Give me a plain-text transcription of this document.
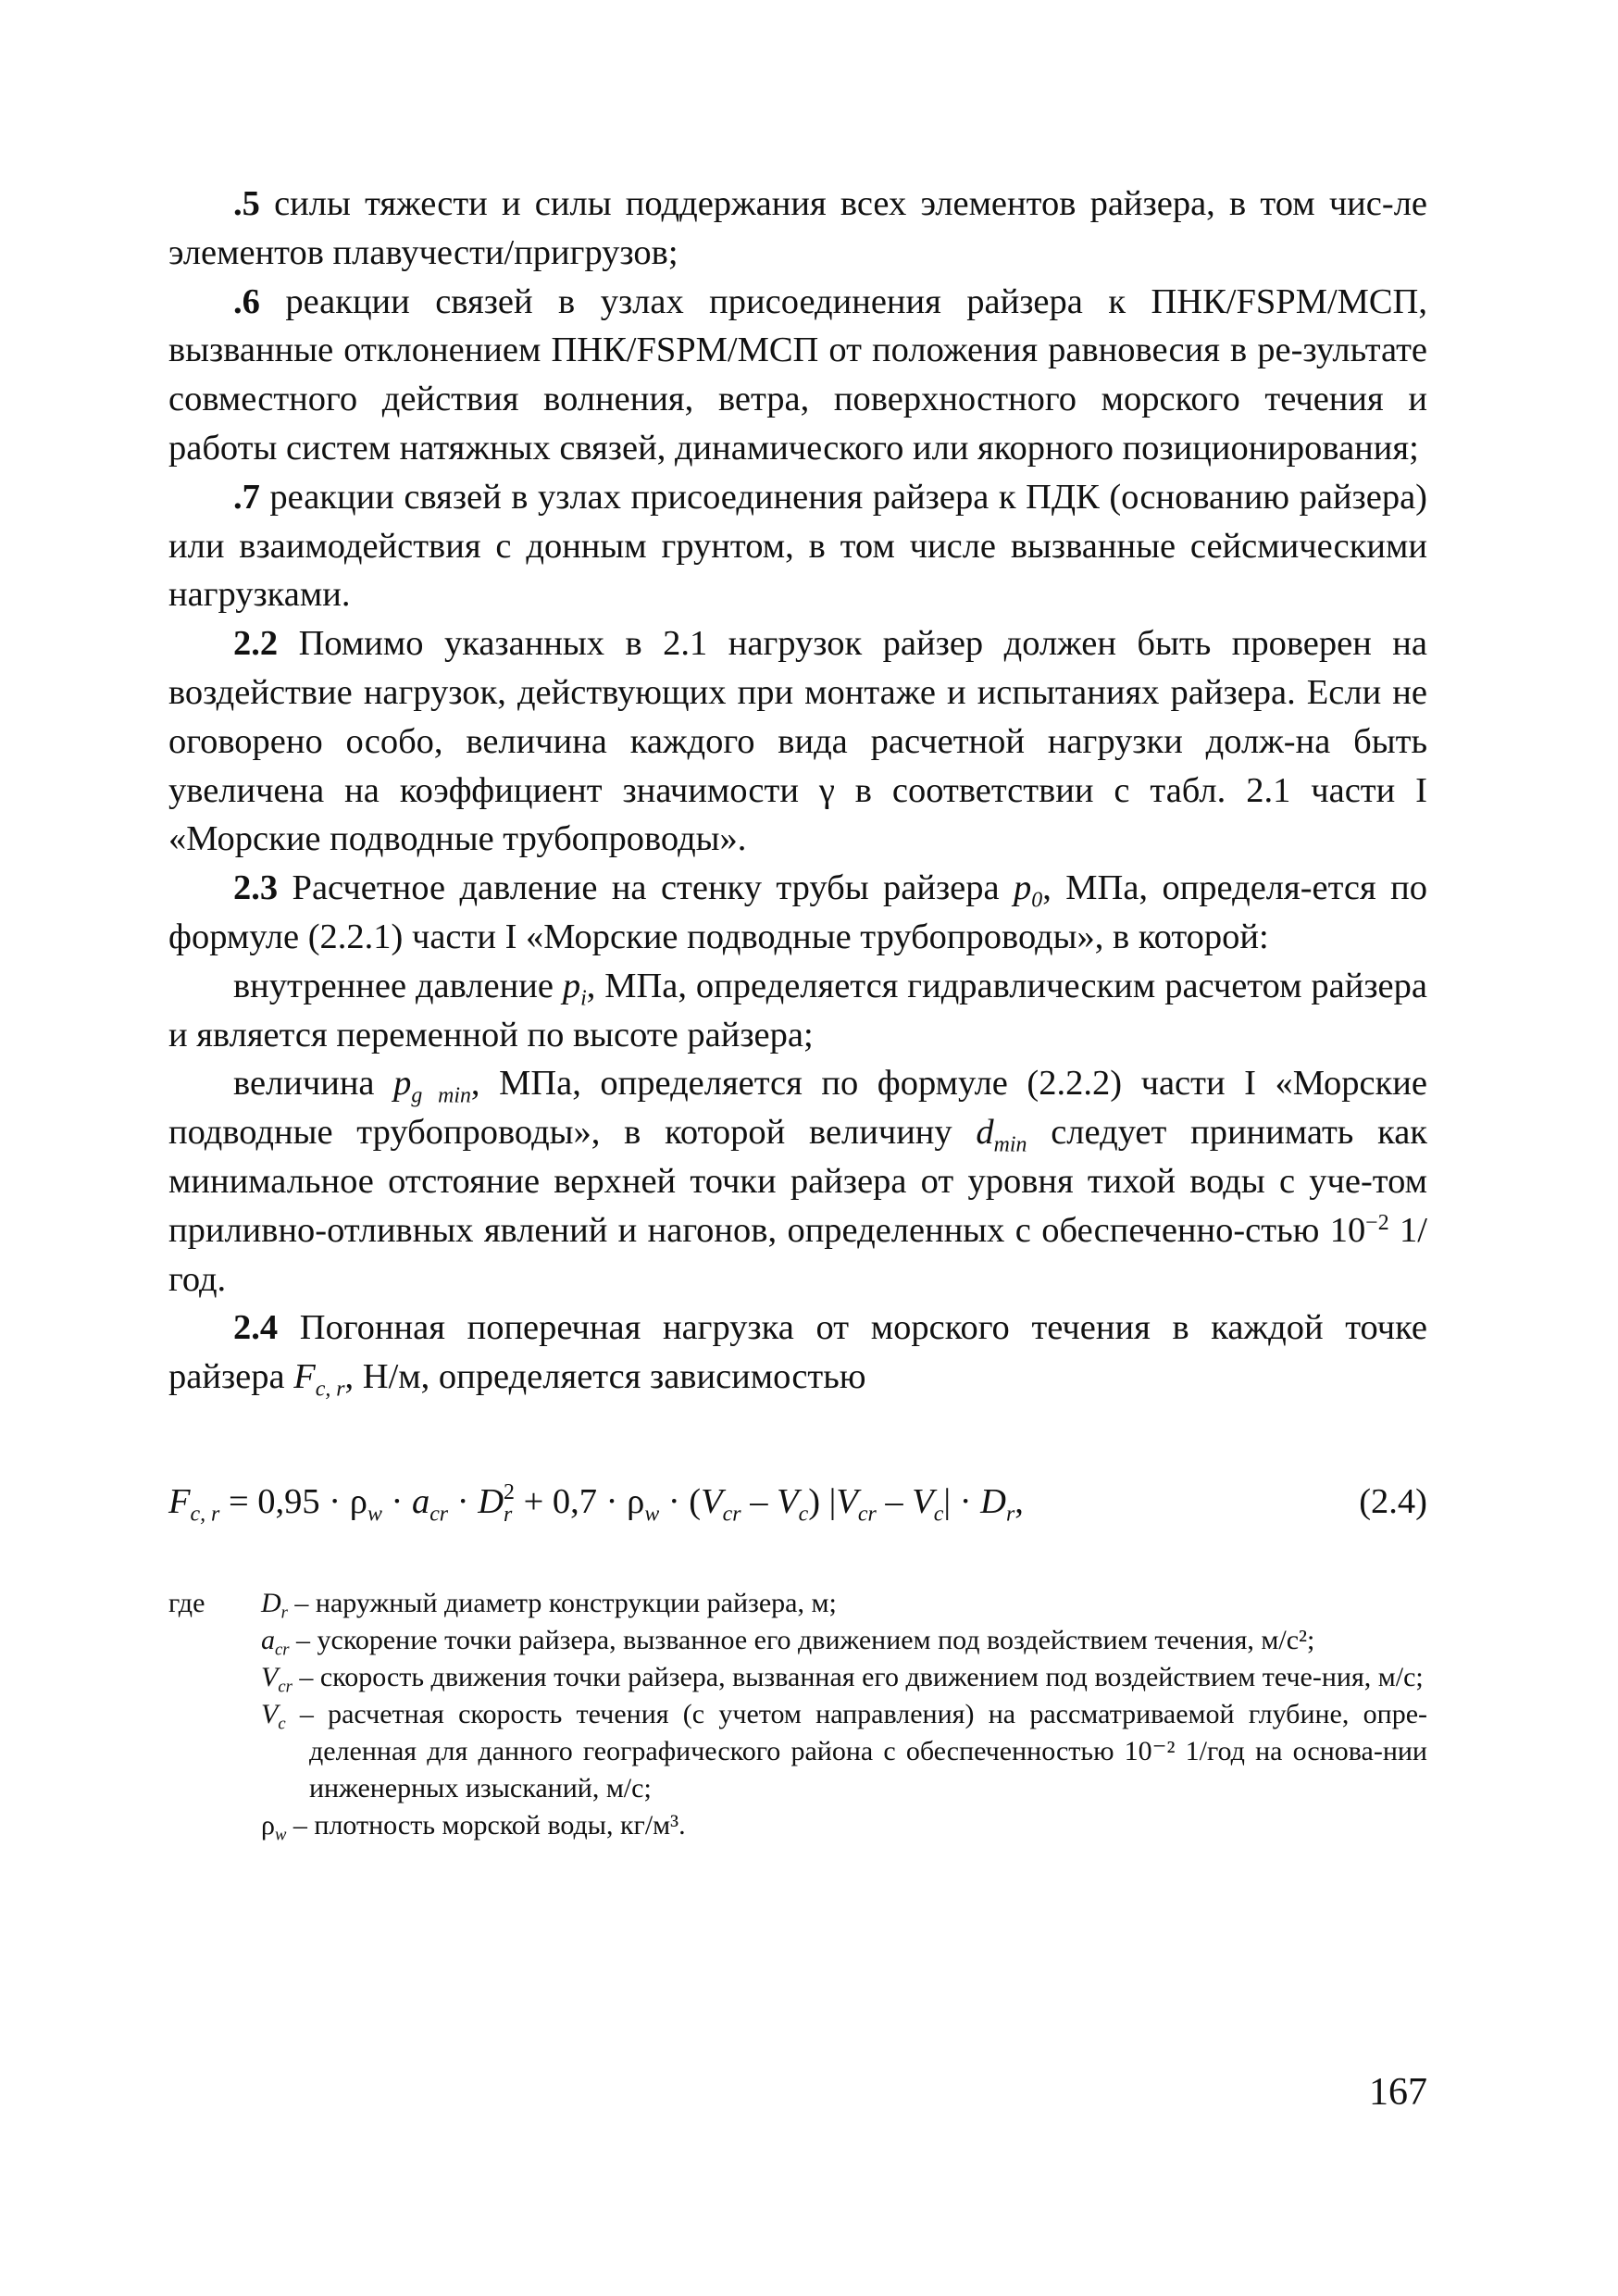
.5 силы тяжести и силы поддержания всех элементов райзера, в том чис-ле элементов плавучести/пригрузов;

.6 реакции связей в узлах присоединения райзера к ПНК/FSPM/МСП, вызванные отклонением ПНК/FSPM/МСП от положения равновесия в ре-зультате совместного действия волнения, ветра, поверхностного морского течения и работы систем натяжных связей, динамического или якорного позиционирования;

.7 реакции связей в узлах присоединения райзера к ПДК (основанию райзера) или взаимодействия с донным грунтом, в том числе вызванные сейсмическими нагрузками.

2.2 Помимо указанных в 2.1 нагрузок райзер должен быть проверен на воздействие нагрузок, действующих при монтаже и испытаниях райзера. Если не оговорено особо, величина каждого вида расчетной нагрузки долж-на быть увеличена на коэффициент значимости γ в соответствии с табл. 2.1 части I «Морские подводные трубопроводы».

2.3 Расчетное давление на стенку трубы райзера $p_0$, МПа, определя-ется по формуле (2.2.1) части I «Морские подводные трубопроводы», в которой:

внутреннее давление $p_i$, МПа, определяется гидравлическим расчетом райзера и является переменной по высоте райзера;

величина $p_{g min}$, МПа, определяется по формуле (2.2.2) части I «Морские подводные трубопроводы», в которой величину $d_{min}$ следует принимать как минимальное отстояние верхней точки райзера от уровня тихой воды с уче-том приливно-отливных явлений и нагонов, определенных с обеспеченно-стью $10^{-2}$ 1/год.

2.4 Погонная поперечная нагрузка от морского течения в каждой точке райзера $F_{c, r}$, Н/м, определяется зависимостью

$F_{c, r} = 0,95 \cdot \rho_w \cdot a_{cr} \cdot D$ 2
$r + 0,7 \cdot \rho_w \cdot (V_{cr} - V_c)$ $|V_{cr} - V_c| \cdot D_r$,	(2.4)
где $D_r$ – наружный диаметр конструкции райзера, м;
$a_{cr}$ – ускорение точки райзера, вызванное его движением под воздействием течения, м/с²;
$V_{cr}$ – скорость движения точки райзера, вызванная его движением под воздействием тече-ния, м/с;
$V_c$ – расчетная скорость течения (с учетом направления) на рассматриваемой глубине, опре-деленная для данного географического района с обеспеченностью 10⁻² 1/год на основа-нии инженерных изысканий, м/с;
$\rho_w$ – плотность морской воды, кг/м³.
167
